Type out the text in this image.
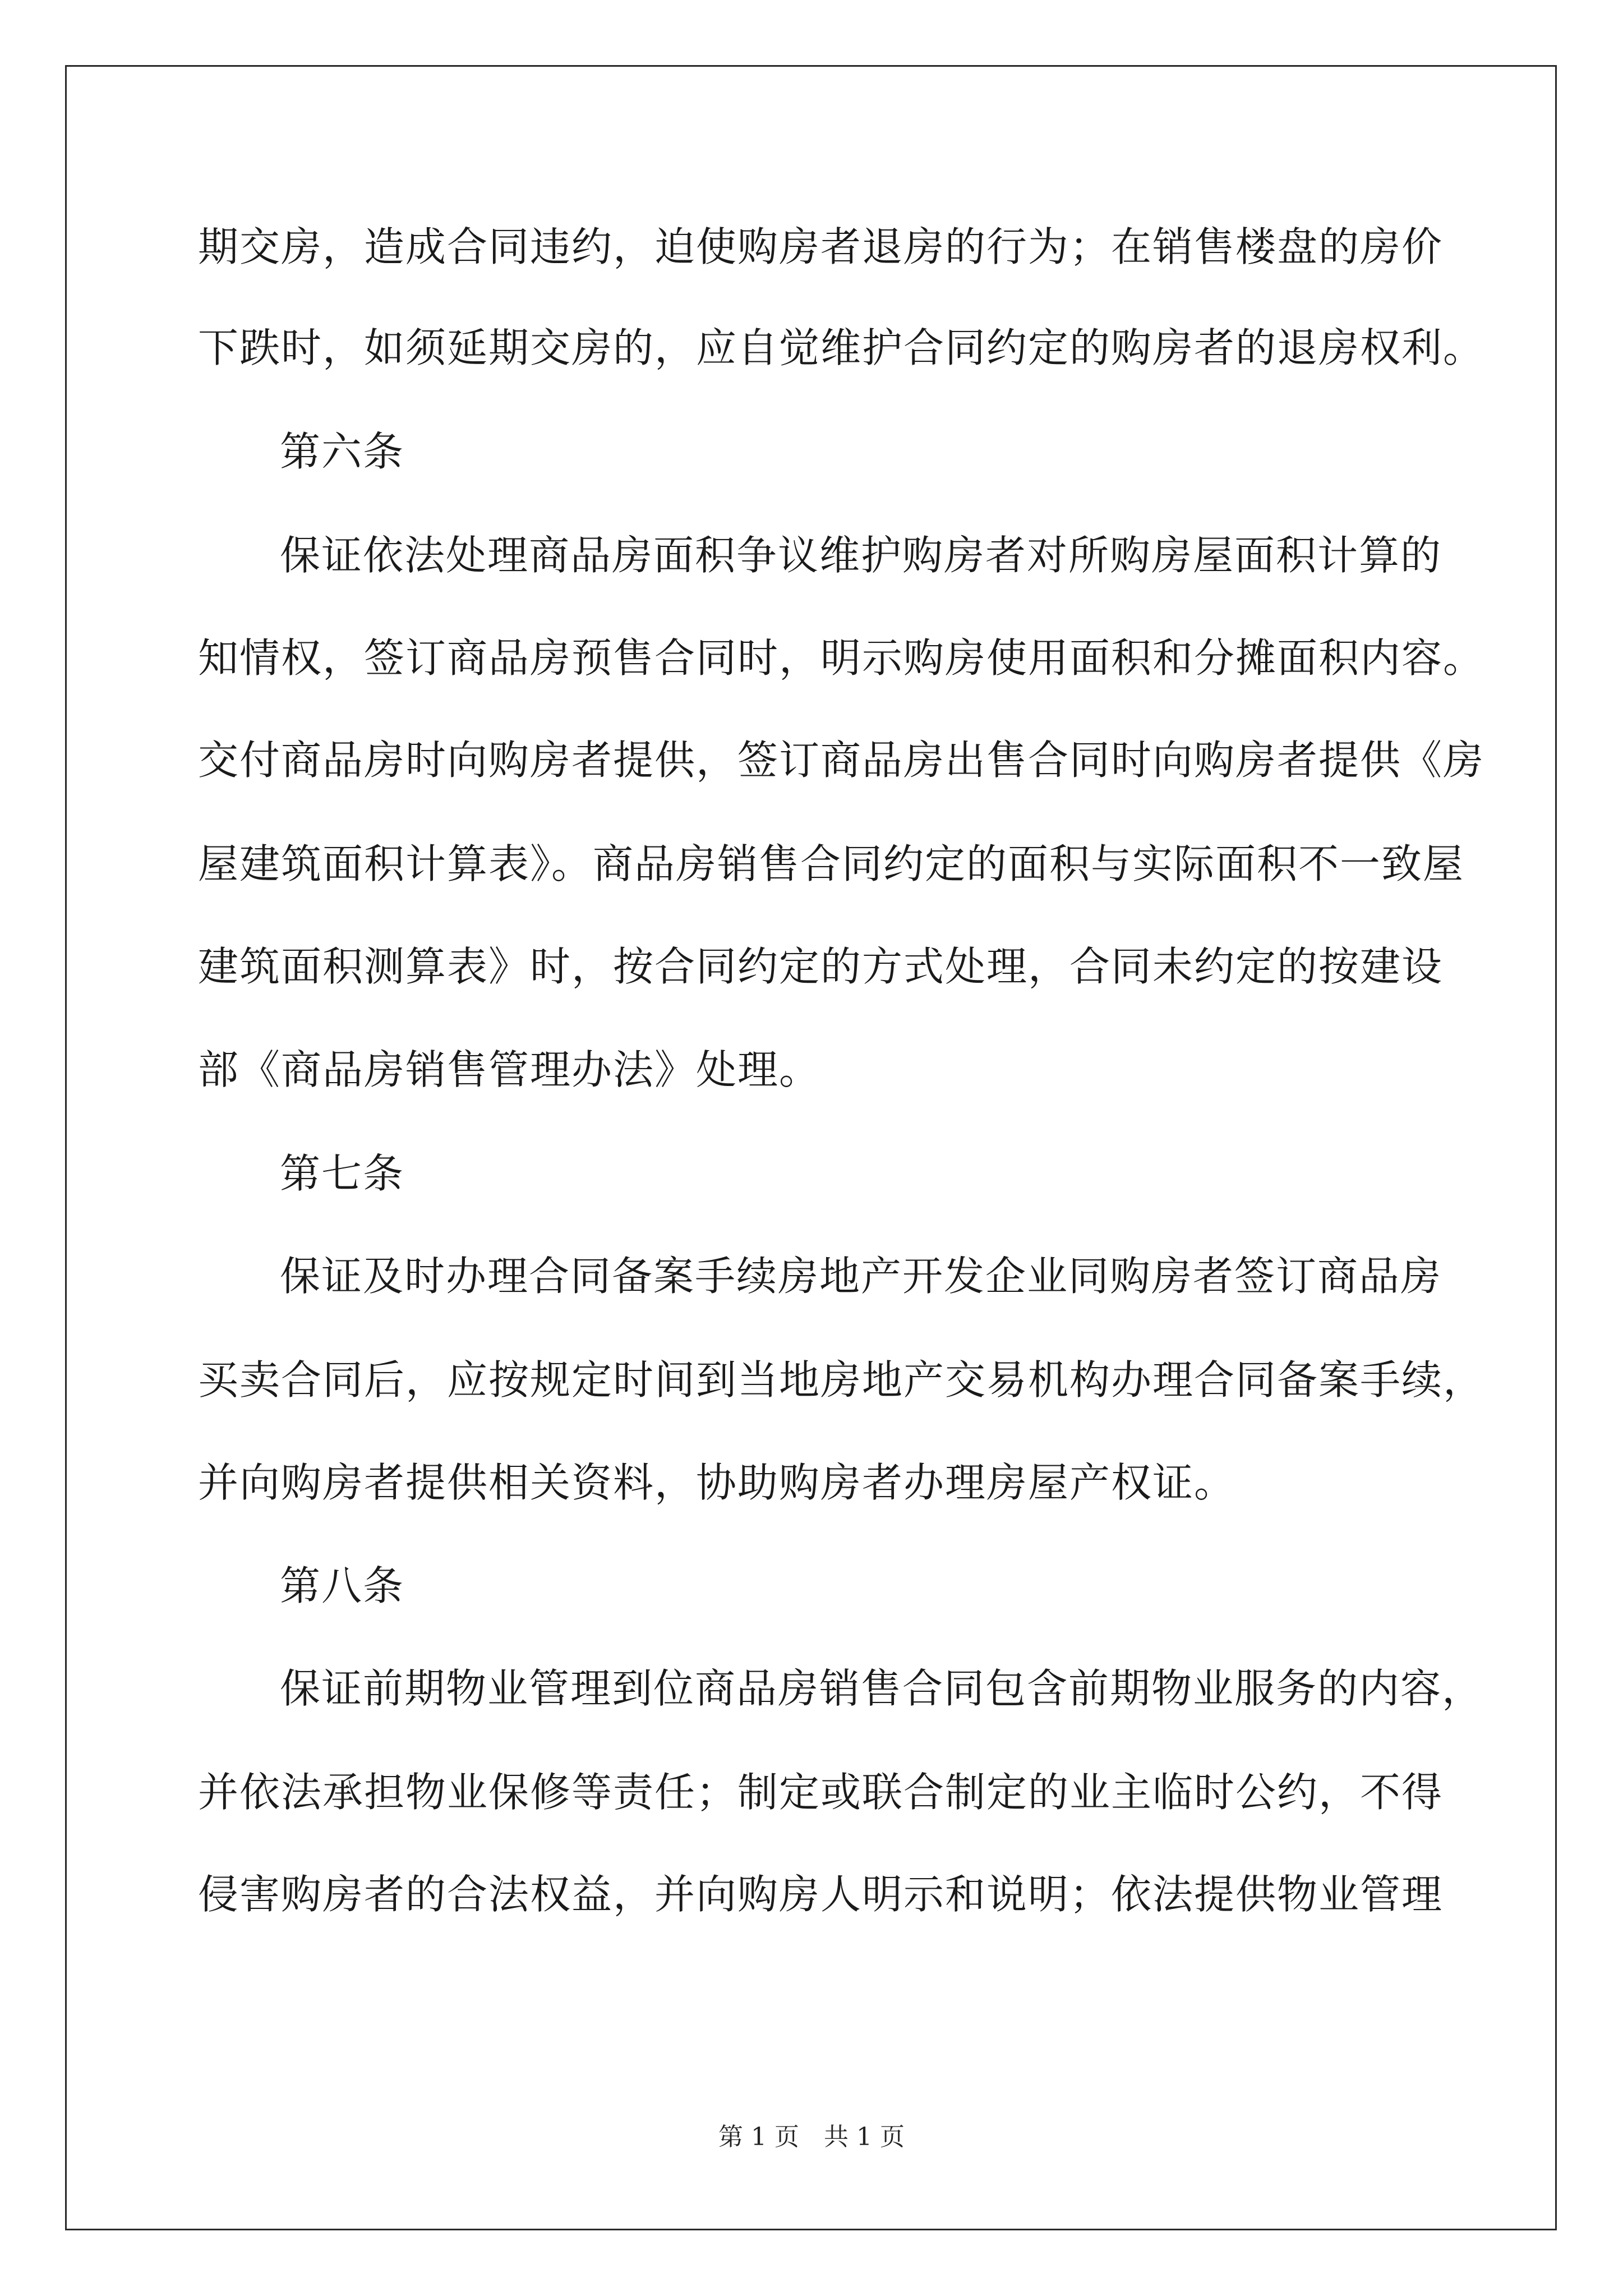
期交房，造成合同违约，迫使购房者退房的行为；在销售楼盘的房价
下跌时，如须延期交房的，应自觉维护合同约定的购房者的退房权利。
第六条
保证依法处理商品房面积争议维护购房者对所购房屋面积计算的
知情权，签订商品房预售合同时，明示购房使用面积和分摊面积内容。
交付商品房时向购房者提供，签订商品房出售合同时向购房者提供《房
屋建筑面积计算表》。商品房销售合同约定的面积与实际面积不一致屋
建筑面积测算表》时，按合同约定的方式处理，合同未约定的按建设
部《商品房销售管理办法》处理。
第七条
保证及时办理合同备案手续房地产开发企业同购房者签订商品房
买卖合同后，应按规定时间到当地房地产交易机构办理合同备案手续，
并向购房者提供相关资料，协助购房者办理房屋产权证。
第八条
保证前期物业管理到位商品房销售合同包含前期物业服务的内容，
并依法承担物业保修等责任；制定或联合制定的业主临时公约，不得
侵害购房者的合法权益，并向购房人明示和说明；依法提供物业管理
第 1 页　共 1 页
